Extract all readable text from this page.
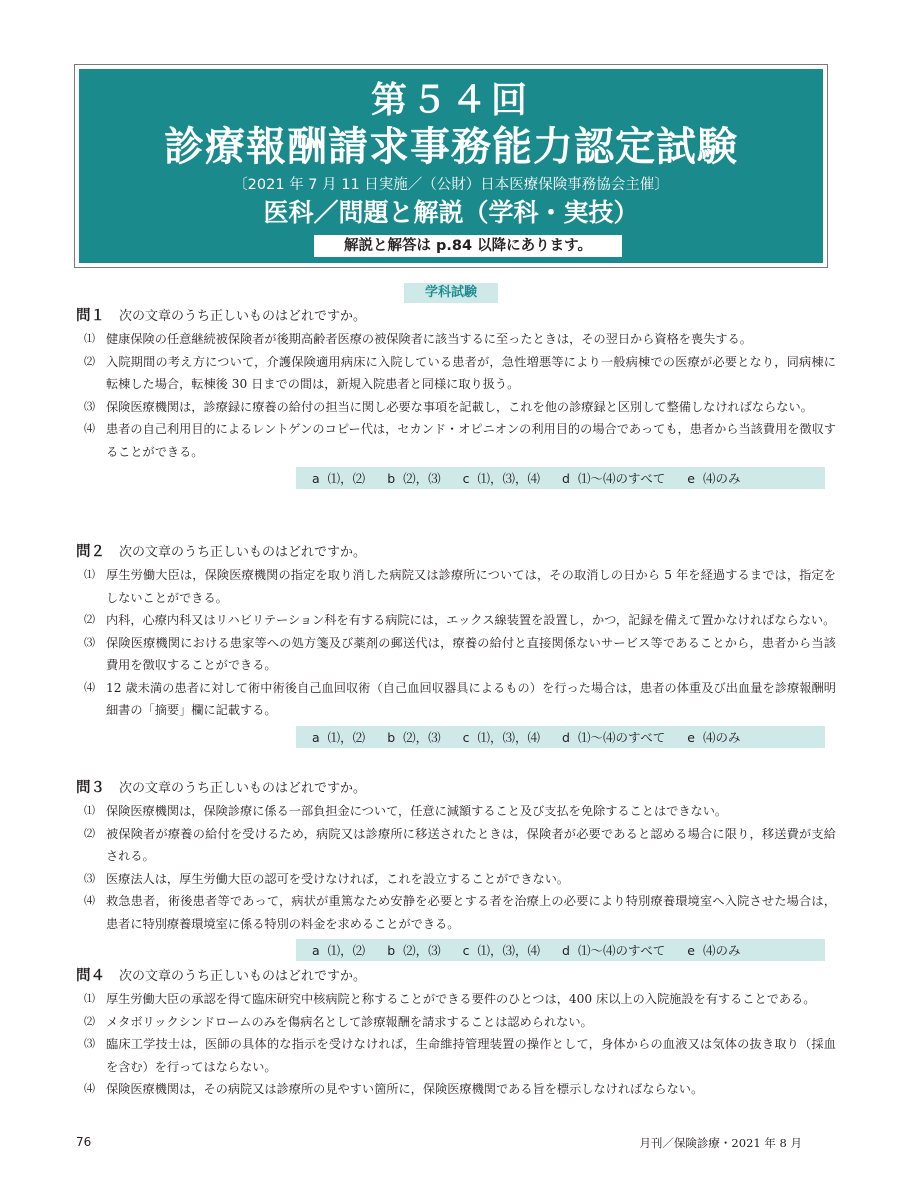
第５４回
診療報酬請求事務能力認定試験
〔2021 年 7 月 11 日実施／（公財）日本医療保険事務協会主催〕
医科／問題と解説（学科・実技）
解説と解答は p.84 以降にあります。
学科試験
問１ 次の文章のうち正しいものはどれですか。
⑴ 健康保険の任意継続被保険者が後期高齢者医療の被保険者に該当するに至ったときは，その翌日から資格を喪失する。
⑵ 入院期間の考え方について，介護保険適用病床に入院している患者が，急性増悪等により一般病棟での医療が必要となり，同病棟に転棟した場合，転棟後 30 日までの間は，新規入院患者と同様に取り扱う。
⑶ 保険医療機関は，診療録に療養の給付の担当に関し必要な事項を記載し，これを他の診療録と区別して整備しなければならない。
⑷ 患者の自己利用目的によるレントゲンのコピー代は，セカンド・オピニオンの利用目的の場合であっても，患者から当該費用を徴収することができる。
a ⑴，⑵ b ⑵，⑶ c ⑴，⑶，⑷ d ⑴〜⑷のすべて e ⑷のみ
問２ 次の文章のうち正しいものはどれですか。
⑴ 厚生労働大臣は，保険医療機関の指定を取り消した病院又は診療所については，その取消しの日から 5 年を経過するまでは，指定をしないことができる。
⑵ 内科，心療内科又はリハビリテーション科を有する病院には，エックス線装置を設置し，かつ，記録を備えて置かなければならない。
⑶ 保険医療機関における患家等への処方箋及び薬剤の郵送代は，療養の給付と直接関係ないサービス等であることから，患者から当該費用を徴収することができる。
⑷ 12 歳未満の患者に対して術中術後自己血回収術（自己血回収器具によるもの）を行った場合は，患者の体重及び出血量を診療報酬明細書の「摘要」欄に記載する。
a ⑴，⑵ b ⑵，⑶ c ⑴，⑶，⑷ d ⑴〜⑷のすべて e ⑷のみ
問３ 次の文章のうち正しいものはどれですか。
⑴ 保険医療機関は，保険診療に係る一部負担金について，任意に減額すること及び支払を免除することはできない。
⑵ 被保険者が療養の給付を受けるため，病院又は診療所に移送されたときは，保険者が必要であると認める場合に限り，移送費が支給される。
⑶ 医療法人は，厚生労働大臣の認可を受けなければ，これを設立することができない。
⑷ 救急患者，術後患者等であって，病状が重篤なため安静を必要とする者を治療上の必要により特別療養環境室へ入院させた場合は，患者に特別療養環境室に係る特別の料金を求めることができる。
a ⑴，⑵ b ⑵，⑶ c ⑴，⑶，⑷ d ⑴〜⑷のすべて e ⑷のみ
問４ 次の文章のうち正しいものはどれですか。
⑴ 厚生労働大臣の承認を得て臨床研究中核病院と称することができる要件のひとつは，400 床以上の入院施設を有することである。
⑵ メタボリックシンドロームのみを傷病名として診療報酬を請求することは認められない。
⑶ 臨床工学技士は，医師の具体的な指示を受けなければ，生命維持管理装置の操作として，身体からの血液又は気体の抜き取り（採血を含む）を行ってはならない。
⑷ 保険医療機関は，その病院又は診療所の見やすい箇所に，保険医療機関である旨を標示しなければならない。
76	月刊／保険診療・2021 年 8 月
